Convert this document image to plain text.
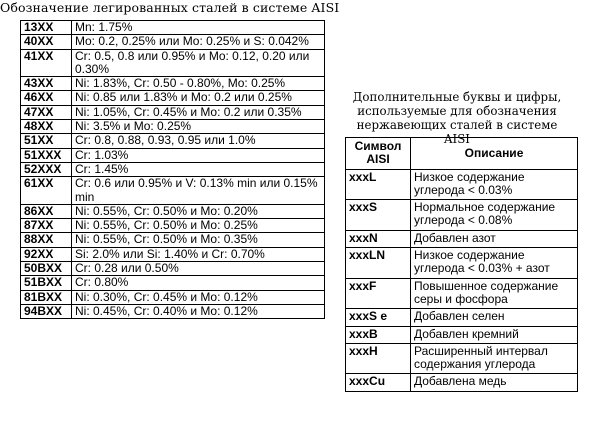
Обозначение легированных сталей в системе AISI
13XX	Mn: 1.75%
40XX	Mo: 0.2, 0.25% или Mo: 0.25% и S: 0.042%
41XX	Cr: 0.5, 0.8 или 0.95% и Mo: 0.12, 0.20 или 0.30%
43XX	Ni: 1.83%, Cr: 0.50 - 0.80%, Mo: 0.25%
46XX	Ni: 0.85 или 1.83% и Mo: 0.2 или 0.25%
47XX	Ni: 1.05%, Cr: 0.45% и Mo: 0.2 или 0.35%
48XX	Ni: 3.5% и Mo: 0.25%
51XX	Cr: 0.8, 0.88, 0.93, 0.95 или 1.0%
51XXX	Cr: 1.03%
52XXX	Cr: 1.45%
61XX	Cr: 0.6 или 0.95% и V: 0.13% min или 0.15% min
86XX	Ni: 0.55%, Cr: 0.50% и Mo: 0.20%
87XX	Ni: 0.55%, Cr: 0.50% и Mo: 0.25%
88XX	Ni: 0.55%, Cr: 0.50% и Mo: 0.35%
92XX	Si: 2.0% или Si: 1.40% и Cr: 0.70%
50BXX	Cr: 0.28 или 0.50%
51BXX	Cr: 0.80%
81BXX	Ni: 0.30%, Cr: 0.45% и Mo: 0.12%
94BXX	Ni: 0.45%, Cr: 0.40% и Mo: 0.12%
Дополнительные буквы и цифры, используемые для обозначения нержавеющих сталей в системе AISI
Символ AISI	Описание
xxxL	Низкое содержание углерода < 0.03%
xxxS	Нормальное содержание углерода < 0.08%
xxxN	Добавлен азот
xxxLN	Низкое содержание углерода < 0.03% + азот
xxxF	Повышенное содержание серы и фосфора
xxxS e	Добавлен селен
xxxB	Добавлен кремний
xxxH	Расширенный интервал содержания углерода
xxxCu	Добавлена медь
